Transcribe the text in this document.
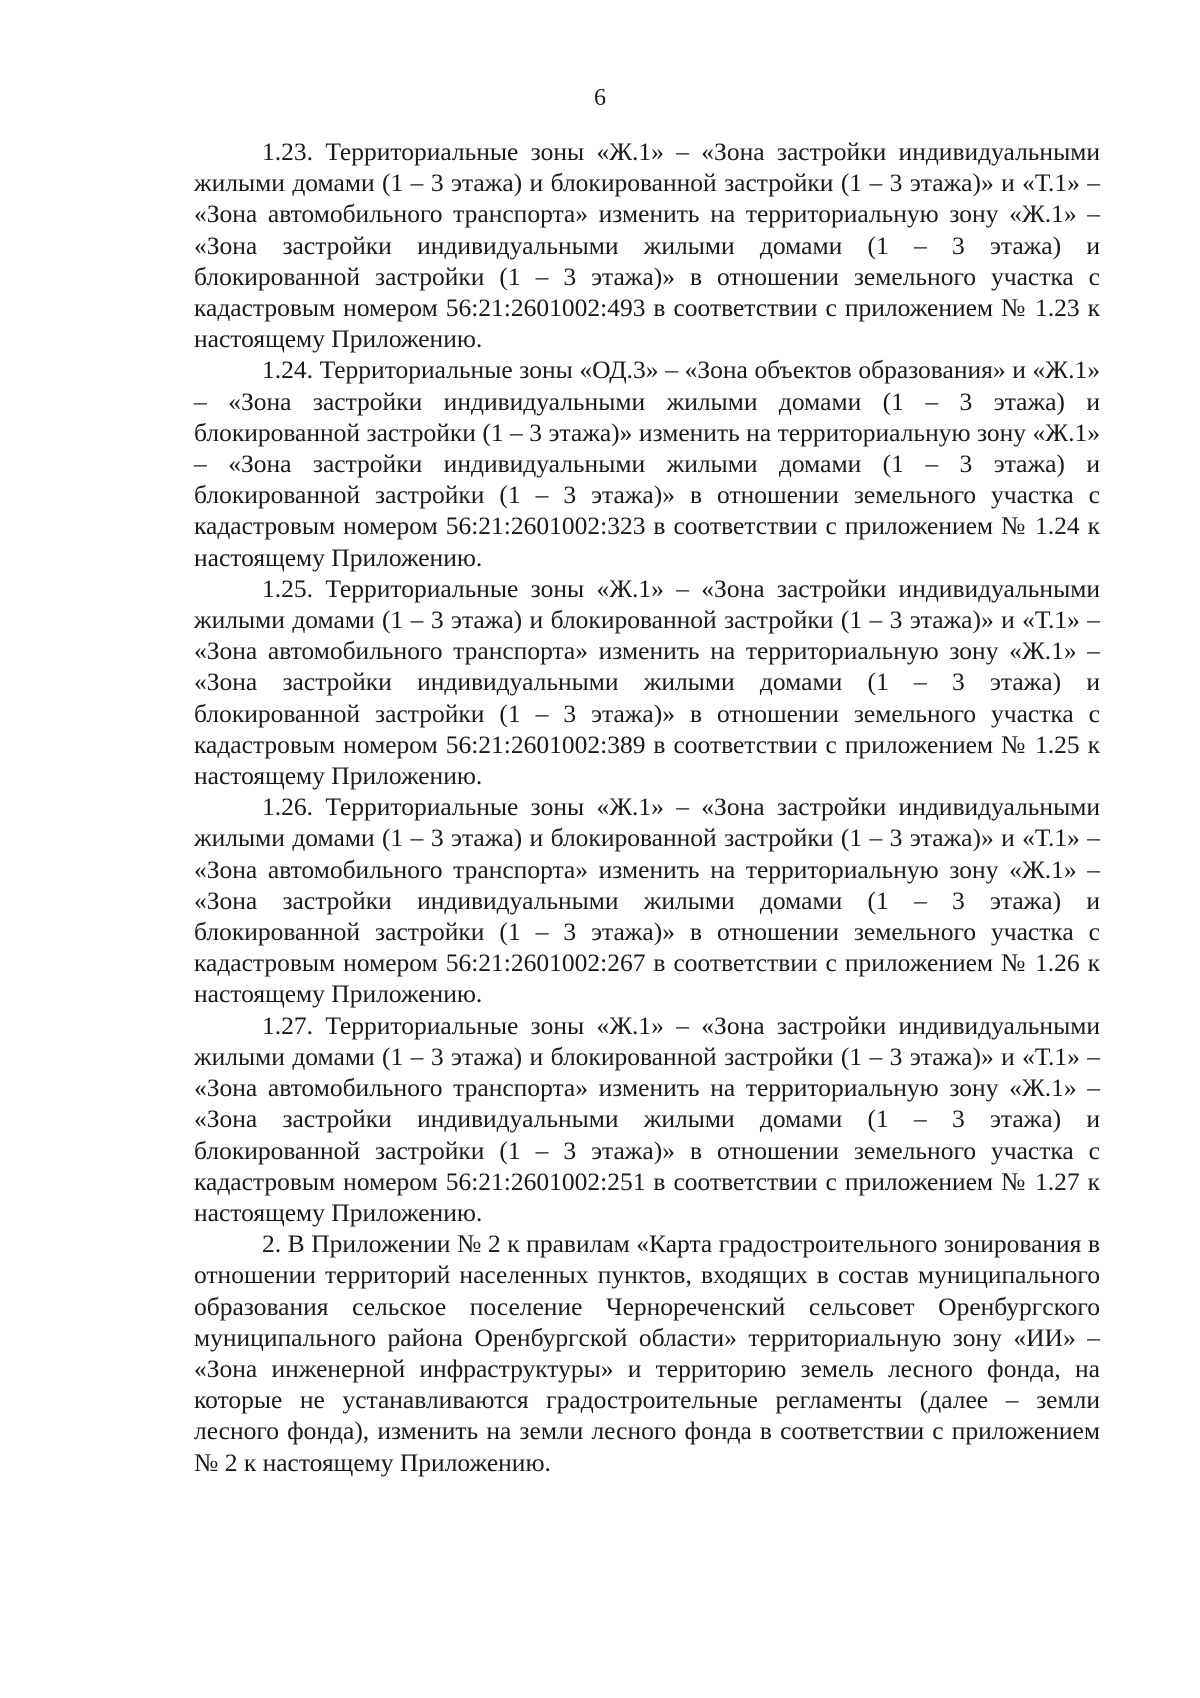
6

1.23. Территориальные зоны «Ж.1» – «Зона застройки индивидуальными жилыми домами (1 – 3 этажа) и блокированной застройки (1 – 3 этажа)» и «Т.1» – «Зона автомобильного транспорта» изменить на территориальную зону «Ж.1» – «Зона застройки индивидуальными жилыми домами (1 – 3 этажа) и блокированной застройки (1 – 3 этажа)» в отношении земельного участка с кадастровым номером 56:21:2601002:493 в соответствии с приложением № 1.23 к настоящему Приложению.

1.24. Территориальные зоны «ОД.3» – «Зона объектов образования» и «Ж.1» – «Зона застройки индивидуальными жилыми домами (1 – 3 этажа) и блокированной застройки (1 – 3 этажа)» изменить на территориальную зону «Ж.1» – «Зона застройки индивидуальными жилыми домами (1 – 3 этажа) и блокированной застройки (1 – 3 этажа)» в отношении земельного участка с кадастровым номером 56:21:2601002:323 в соответствии с приложением № 1.24 к настоящему Приложению.

1.25. Территориальные зоны «Ж.1» – «Зона застройки индивидуальными жилыми домами (1 – 3 этажа) и блокированной застройки (1 – 3 этажа)» и «Т.1» – «Зона автомобильного транспорта» изменить на территориальную зону «Ж.1» – «Зона застройки индивидуальными жилыми домами (1 – 3 этажа) и блокированной застройки (1 – 3 этажа)» в отношении земельного участка с кадастровым номером 56:21:2601002:389 в соответствии с приложением № 1.25 к настоящему Приложению.

1.26. Территориальные зоны «Ж.1» – «Зона застройки индивидуальными жилыми домами (1 – 3 этажа) и блокированной застройки (1 – 3 этажа)» и «Т.1» – «Зона автомобильного транспорта» изменить на территориальную зону «Ж.1» – «Зона застройки индивидуальными жилыми домами (1 – 3 этажа) и блокированной застройки (1 – 3 этажа)» в отношении земельного участка с кадастровым номером 56:21:2601002:267 в соответствии с приложением № 1.26 к настоящему Приложению.

1.27. Территориальные зоны «Ж.1» – «Зона застройки индивидуальными жилыми домами (1 – 3 этажа) и блокированной застройки (1 – 3 этажа)» и «Т.1» – «Зона автомобильного транспорта» изменить на территориальную зону «Ж.1» – «Зона застройки индивидуальными жилыми домами (1 – 3 этажа) и блокированной застройки (1 – 3 этажа)» в отношении земельного участка с кадастровым номером 56:21:2601002:251 в соответствии с приложением № 1.27 к настоящему Приложению.

2. В Приложении № 2 к правилам «Карта градостроительного зонирования в отношении территорий населенных пунктов, входящих в состав муниципального образования сельское поселение Чернореченский сельсовет Оренбургского муниципального района Оренбургской области» территориальную зону «ИИ» – «Зона инженерной инфраструктуры» и территорию земель лесного фонда, на которые не устанавливаются градостроительные регламенты (далее – земли лесного фонда), изменить на земли лесного фонда в соответствии с приложением № 2 к настоящему Приложению.
